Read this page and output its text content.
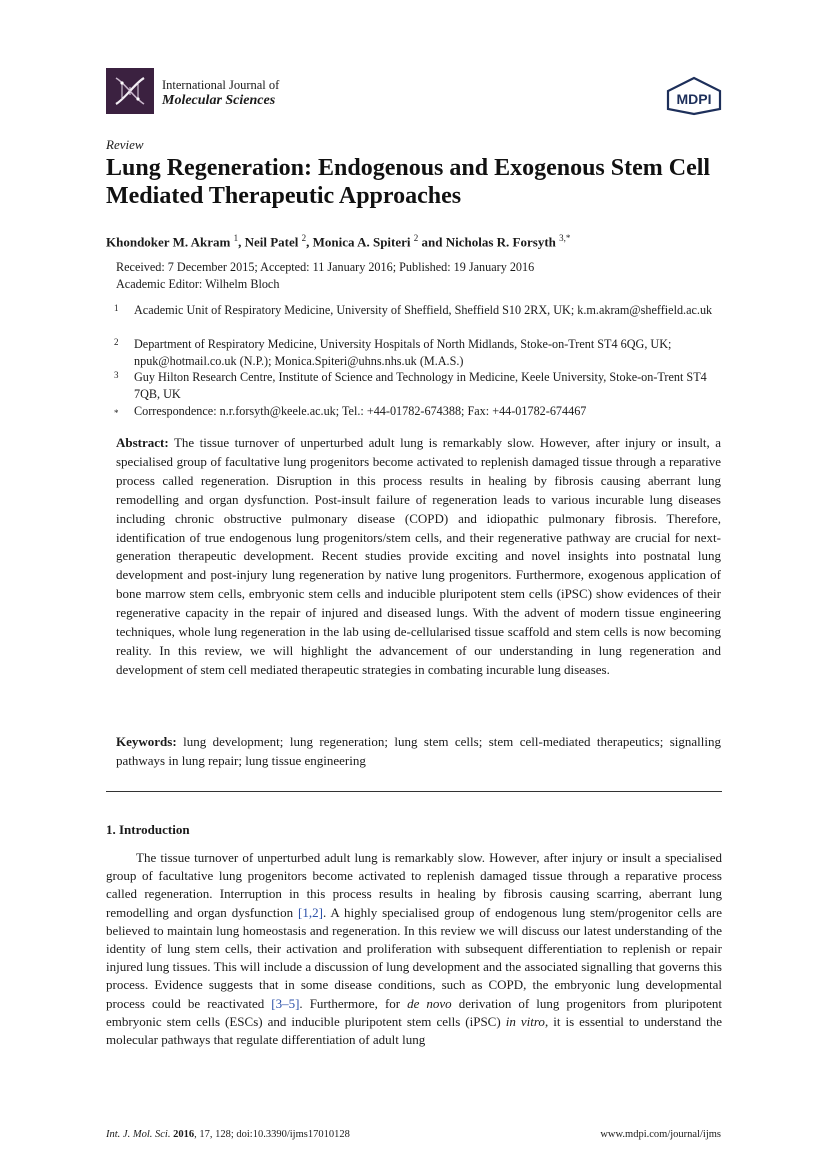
International Journal of
Molecular Sciences	MDPI
Review
Lung Regeneration: Endogenous and Exogenous Stem Cell Mediated Therapeutic Approaches
Khondoker M. Akram $^1$, Neil Patel $^2$, Monica A. Spiteri $^2$ and Nicholas R. Forsyth $^{3,*}$
Received: 7 December 2015; Accepted: 11 January 2016; Published: 19 January 2016
Academic Editor: Wilhelm Bloch
1 Academic Unit of Respiratory Medicine, University of Sheffield, Sheffield S10 2RX, UK; k.m.akram@sheffield.ac.uk
2 Department of Respiratory Medicine, University Hospitals of North Midlands, Stoke-on-Trent ST4 6QG, UK; npuk@hotmail.co.uk (N.P.); Monica.Spiteri@uhns.nhs.uk (M.A.S.)
3 Guy Hilton Research Centre, Institute of Science and Technology in Medicine, Keele University, Stoke-on-Trent ST4 7QB, UK
* Correspondence: n.r.forsyth@keele.ac.uk; Tel.: +44-01782-674388; Fax: +44-01782-674467
Abstract: The tissue turnover of unperturbed adult lung is remarkably slow. However, after injury or insult, a specialised group of facultative lung progenitors become activated to replenish damaged tissue through a reparative process called regeneration. Disruption in this process results in healing by fibrosis causing aberrant lung remodelling and organ dysfunction. Post-insult failure of regeneration leads to various incurable lung diseases including chronic obstructive pulmonary disease (COPD) and idiopathic pulmonary fibrosis. Therefore, identification of true endogenous lung progenitors/stem cells, and their regenerative pathway are crucial for next-generation therapeutic development. Recent studies provide exciting and novel insights into postnatal lung development and post-injury lung regeneration by native lung progenitors. Furthermore, exogenous application of bone marrow stem cells, embryonic stem cells and inducible pluripotent stem cells (iPSC) show evidences of their regenerative capacity in the repair of injured and diseased lungs. With the advent of modern tissue engineering techniques, whole lung regeneration in the lab using de-cellularised tissue scaffold and stem cells is now becoming reality. In this review, we will highlight the advancement of our understanding in lung regeneration and development of stem cell mediated therapeutic strategies in combating incurable lung diseases.
Keywords: lung development; lung regeneration; lung stem cells; stem cell-mediated therapeutics; signalling pathways in lung repair; lung tissue engineering
1. Introduction
The tissue turnover of unperturbed adult lung is remarkably slow. However, after injury or insult a specialised group of facultative lung progenitors become activated to replenish damaged tissue through a reparative process called regeneration. Interruption in this process results in healing by fibrosis causing scarring, aberrant lung remodelling and organ dysfunction [1,2]. A highly specialised group of endogenous lung stem/progenitor cells are believed to maintain lung homeostasis and regeneration. In this review we will discuss our latest understanding of the identity of lung stem cells, their activation and proliferation with subsequent differentiation to replenish or repair injured lung tissues. This will include a discussion of lung development and the associated signalling that governs this process. Evidence suggests that in some disease conditions, such as COPD, the embryonic lung developmental process could be reactivated [3–5]. Furthermore, for de novo derivation of lung progenitors from pluripotent embryonic stem cells (ESCs) and inducible pluripotent stem cells (iPSC) in vitro, it is essential to understand the molecular pathways that regulate differentiation of adult lung
Int. J. Mol. Sci. 2016, 17, 128; doi:10.3390/ijms17010128	www.mdpi.com/journal/ijms
